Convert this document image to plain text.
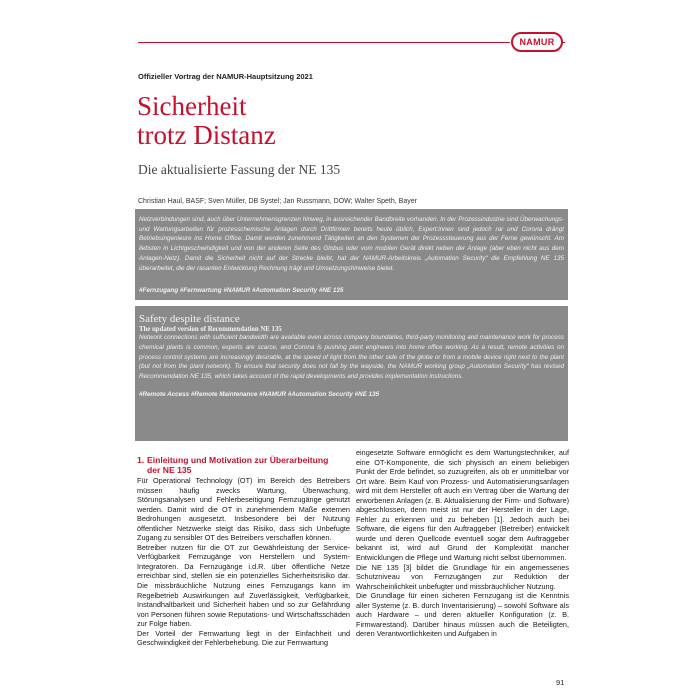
NAMUR
Offizieller Vortrag der NAMUR-Hauptsitzung 2021
Sicherheit
trotz Distanz
Die aktualisierte Fassung der NE 135
Christian Haul, BASF; Sven Müller, DB Systel; Jan Russmann, DOW; Walter Speth, Bayer

Netzverbindungen sind, auch über Unternehmensgrenzen hinweg, in ausreichender Bandbreite vorhanden. In der Prozessindustrie sind Überwachungs- und Wartungsarbeiten für prozesschemische Anlagen durch Drittfirmen bereits heute üblich, Expert:innen sind jedoch rar und Corona drängt Betriebsingenieure ins Home Office. Damit werden zunehmend Tätigkeiten an den Systemen der Prozesssteuerung aus der Ferne gewünscht. Am liebsten in Lichtgeschwindigkeit und von der anderen Seite des Globus oder vom mobilen Gerät direkt neben der Anlage (aber eben nicht aus dem Anlagen-Netz). Damit die Sicherheit nicht auf der Strecke bleibt, hat der NAMUR-Arbeitskreis „Automation Security“ die Empfehlung NE 135 überarbeitet, die der rasanten Entwicklung Rechnung trägt und Umsetzungshinweise bietet.

#Fernzugang #Fernwartung #NAMUR #Automation Security #NE 135

Safety despite distance
The updated version of Recommendation NE 135

Network connections with sufficient bandwidth are available even across company boundaries, third-party monitoring and maintenance work for process chemical plants is common, experts are scarce, and Corona is pushing plant engineers into home office working. As a result, remote activities on process control systems are increasingly desirable, at the speed of light from the other side of the globe or from a mobile device right next to the plant (but not from the plant network). To ensure that security does not fall by the wayside, the NAMUR working group „Automation Security“ has revised Recommendation NE 135, which takes account of the rapid developments and provides implementation instructions.

#Remote Access #Remote Maintenance #NAMUR #Automation Security #NE 135

1. Einleitung und Motivation zur Überarbeitung
der NE 135

Für Operational Technology (OT) im Bereich des Betreibers müssen häufig zwecks Wartung, Überwachung, Störungsanalysen und Fehlerbeseitigung Fernzugänge genutzt werden. Damit wird die OT in zunehmendem Maße externen Bedrohungen ausgesetzt. Insbesondere bei der Nutzung öffentlicher Netzwerke steigt das Risiko, dass sich Unbefugte Zugang zu sensibler OT des Betreibers verschaffen können.

Betreiber nutzen für die OT zur Gewährleistung der Service-Verfügbarkeit Fernzugänge von Herstellern und System-Integratoren. Da Fernzugänge i.d.R. über öffentliche Netze erreichbar sind, stellen sie ein potenzielles Sicherheitsrisiko dar. Die missbräuchliche Nutzung eines Fernzugangs kann im Regelbetrieb Auswirkungen auf Zuverlässigkeit, Verfügbarkeit, Instandhaltbarkeit und Sicherheit haben und so zur Gefährdung von Personen führen sowie Reputations- und Wirtschaftsschäden zur Folge haben.

Der Vorteil der Fernwartung liegt in der Einfachheit und Geschwindigkeit der Fehlerbehebung. Die zur Fernwartung

eingesetzte Software ermöglicht es dem Wartungstechniker, auf eine OT-Komponente, die sich physisch an einem beliebigen Punkt der Erde befindet, so zuzugreifen, als ob er unmittelbar vor Ort wäre. Beim Kauf von Prozess- und Automatisierungsanlagen wird mit dem Hersteller oft auch ein Vertrag über die Wartung der erworbenen Anlagen (z. B. Aktualisierung der Firm- und Software) abgeschlossen, denn meist ist nur der Hersteller in der Lage, Fehler zu erkennen und zu beheben [1]. Jedoch auch bei Software, die eigens für den Auftraggeber (Betreiber) entwickelt wurde und deren Quellcode eventuell sogar dem Auftraggeber bekannt ist, wird auf Grund der Komplexität mancher Entwicklungen die Pflege und Wartung nicht selbst übernommen.

Die NE 135 [3] bildet die Grundlage für ein angemessenes Schutzniveau von Fernzugängen zur Reduktion der Wahrscheinlichkeit unbefugter und missbräuchlicher Nutzung.

Die Grundlage für einen sicheren Fernzugang ist die Kenntnis aller Systeme (z. B. durch Inventarisierung) – sowohl Software als auch Hardware – und deren aktueller Konfiguration (z. B. Firmwarestand). Darüber hinaus müssen auch die Beteiligten, deren Verantwortlichkeiten und Aufgaben in

91
